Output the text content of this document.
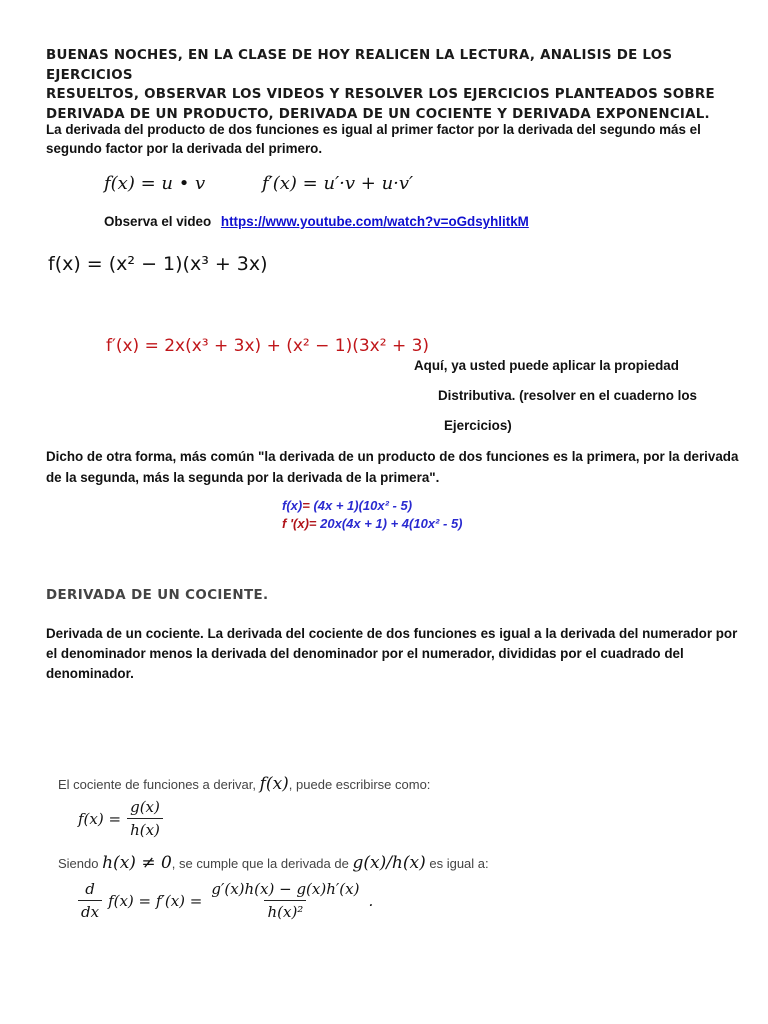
BUENAS NOCHES, EN LA CLASE DE HOY REALICEN LA LECTURA, ANALISIS DE LOS EJERCICIOS
RESUELTOS, OBSERVAR LOS VIDEOS Y RESOLVER LOS EJERCICIOS PLANTEADOS SOBRE
DERIVADA DE UN PRODUCTO, DERIVADA DE UN COCIENTE Y DERIVADA EXPONENCIAL.
La derivada del producto de dos funciones es igual al primer factor por la derivada del segundo más el segundo factor por la derivada del primero.
f(x) = u • v	f′(x) = u′·v + u·v′
Observa el video https://www.youtube.com/watch?v=oGdsyhlitkM
f(x) = (x² − 1)(x³ + 3x)
f′(x) = 2x(x³ + 3x) + (x² − 1)(3x² + 3)
Aquí, ya usted puede aplicar la propiedad
Distributiva. (resolver en el cuaderno los
Ejercicios)
Dicho de otra forma, más común "la derivada de un producto de dos funciones es la primera, por la derivada de la segunda, más la segunda por la derivada de la primera".
f(x)= (4x + 1)(10x² - 5)
f '(x)= 20x(4x + 1) + 4(10x² - 5)
DERIVADA DE UN COCIENTE.
Derivada de un cociente. La derivada del cociente de dos funciones es igual a la derivada del numerador por el denominador menos la derivada del denominador por el numerador, divididas por el cuadrado del denominador.
El cociente de funciones a derivar, f(x), puede escribirse como:
$f(x) = \frac{g(x)}{h(x)}$
Siendo h(x) ≠ 0, se cumple que la derivada de g(x)/h(x) es igual a:
$\frac{d}{dx} f(x) = f'(x) = \frac{g'(x)h(x) - g(x)h'(x)}{\text{h(x)²}}$ .
